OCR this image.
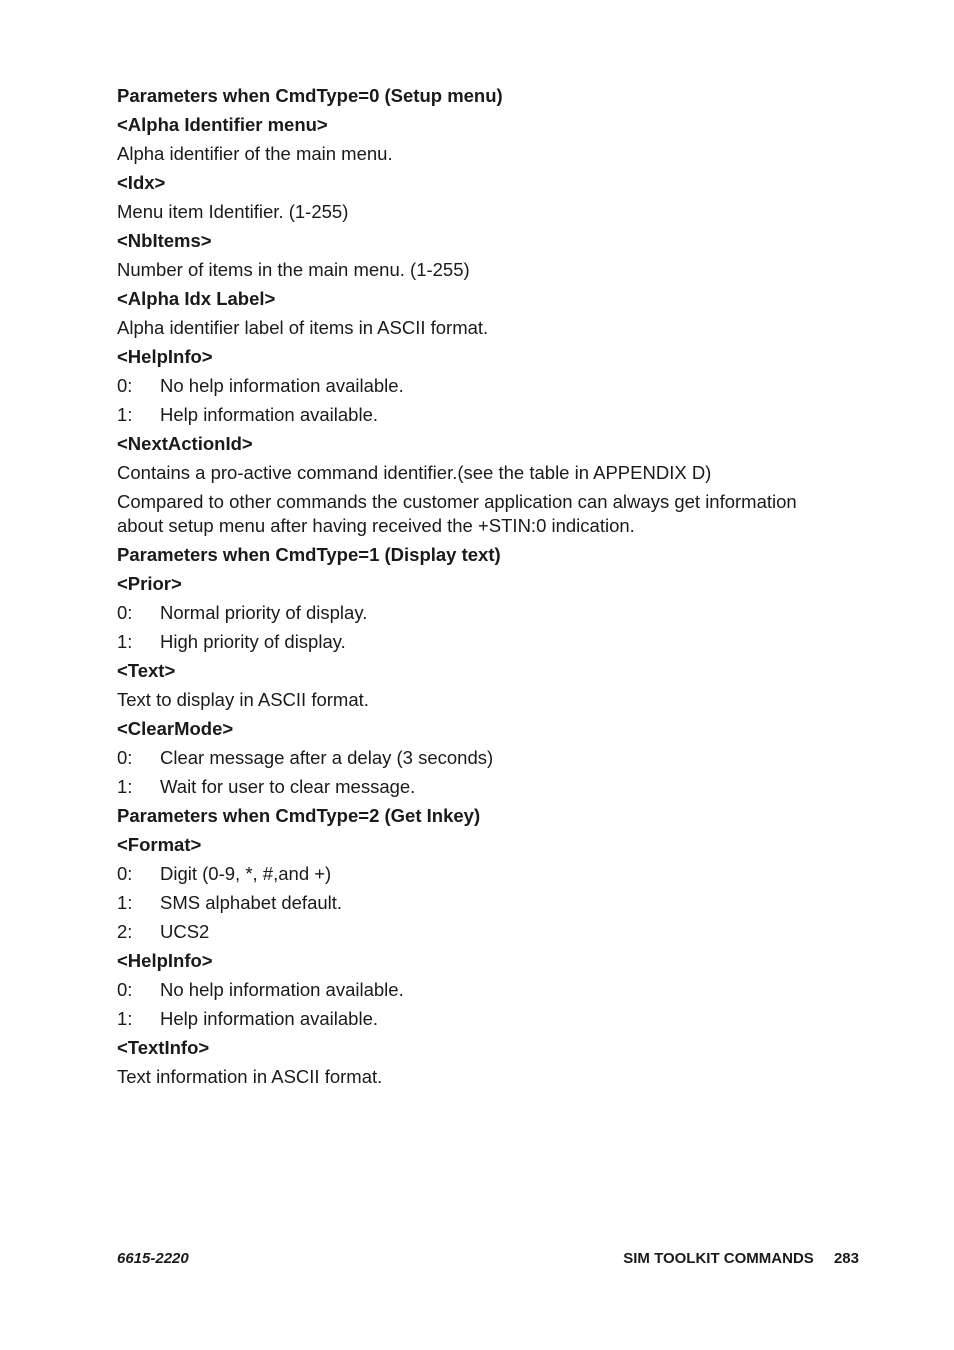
Parameters when CmdType=0 (Setup menu)
<Alpha Identifier menu>
Alpha identifier of the main menu.
<Idx>
Menu item Identifier. (1-255)
<NbItems>
Number of items in the main menu. (1-255)
<Alpha Idx Label>
Alpha identifier label of items in ASCII format.
<HelpInfo>
0:	No help information available.
1:	Help information available.
<NextActionId>
Contains a pro-active command identifier.(see the table in APPENDIX D)
Compared to other commands the customer application can always get information about setup menu after having received the +STIN:0 indication.
Parameters when CmdType=1 (Display text)
<Prior>
0:	Normal priority of display.
1:	High priority of display.
<Text>
Text to display in ASCII format.
<ClearMode>
0:	Clear message after a delay (3 seconds)
1:	Wait for user to clear message.
Parameters when CmdType=2 (Get Inkey)
<Format>
0:	Digit (0-9, *, #,and +)
1:	SMS alphabet default.
2:	UCS2
<HelpInfo>
0:	No help information available.
1:	Help information available.
<TextInfo>
Text information in ASCII format.
6615-2220	SIM TOOLKIT COMMANDS 283
